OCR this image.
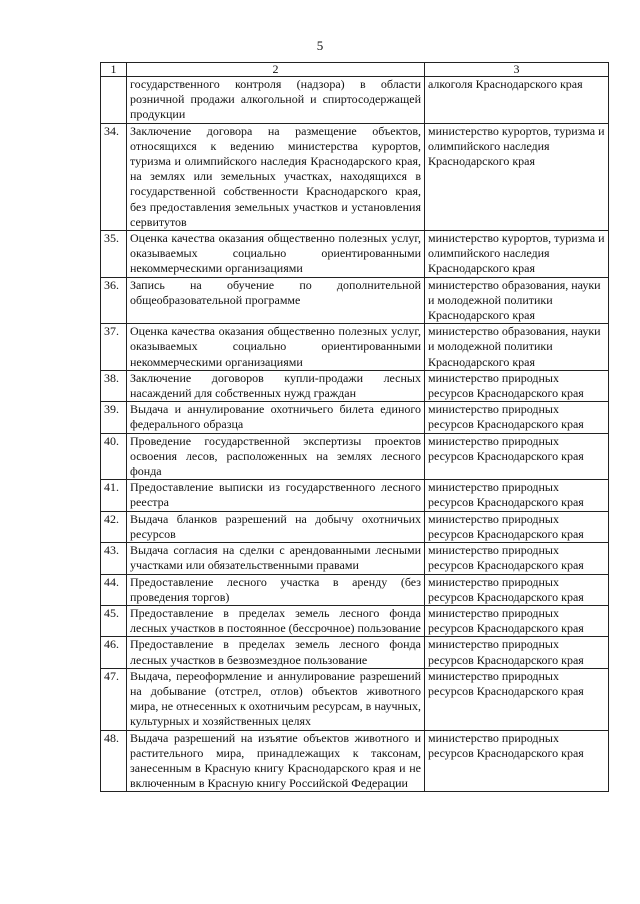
5
1	2	3
	государственного контроля (надзора) в области розничной продажи алкогольной и спиртосодержащей продукции	алкоголя Краснодарского края
34.	Заключение договора на размещение объектов, относящихся к ведению министерства курортов, туризма и олимпийского наследия Краснодарского края, на землях или земельных участках, находящихся в государственной собственности Краснодарского края, без предоставления земельных участков и установления сервитутов	министерство курортов, туризма и олимпийского наследия Краснодарского края
35.	Оценка качества оказания общественно полезных услуг, оказываемых социально ориентированными некоммерческими организациями	министерство курортов, туризма и олимпийского наследия Краснодарского края
36.	Запись на обучение по дополнительной общеобразовательной программе	министерство образования, науки и молодежной политики Краснодарского края
37.	Оценка качества оказания общественно полезных услуг, оказываемых социально ориентированными некоммерческими организациями	министерство образования, науки и молодежной политики Краснодарского края
38.	Заключение договоров купли-продажи лесных насаждений для собственных нужд граждан	министерство природных ресурсов Краснодарского края
39.	Выдача и аннулирование охотничьего билета единого федерального образца	министерство природных ресурсов Краснодарского края
40.	Проведение государственной экспертизы проектов освоения лесов, расположенных на землях лесного фонда	министерство природных ресурсов Краснодарского края
41.	Предоставление выписки из государственного лесного реестра	министерство природных ресурсов Краснодарского края
42.	Выдача бланков разрешений на добычу охотничьих ресурсов	министерство природных ресурсов Краснодарского края
43.	Выдача согласия на сделки с арендованными лесными участками или обязательственными правами	министерство природных ресурсов Краснодарского края
44.	Предоставление лесного участка в аренду (без проведения торгов)	министерство природных ресурсов Краснодарского края
45.	Предоставление в пределах земель лесного фонда лесных участков в постоянное (бессрочное) пользование	министерство природных ресурсов Краснодарского края
46.	Предоставление в пределах земель лесного фонда лесных участков в безвозмездное пользование	министерство природных ресурсов Краснодарского края
47.	Выдача, переоформление и аннулирование разрешений на добывание (отстрел, отлов) объектов животного мира, не отнесенных к охотничьим ресурсам, в научных, культурных и хозяйственных целях	министерство природных ресурсов Краснодарского края
48.	Выдача разрешений на изъятие объектов животного и растительного мира, принадлежащих к таксонам, занесенным в Красную книгу Краснодарского края и не включенным в Красную книгу Российской Федерации	министерство природных ресурсов Краснодарского края
